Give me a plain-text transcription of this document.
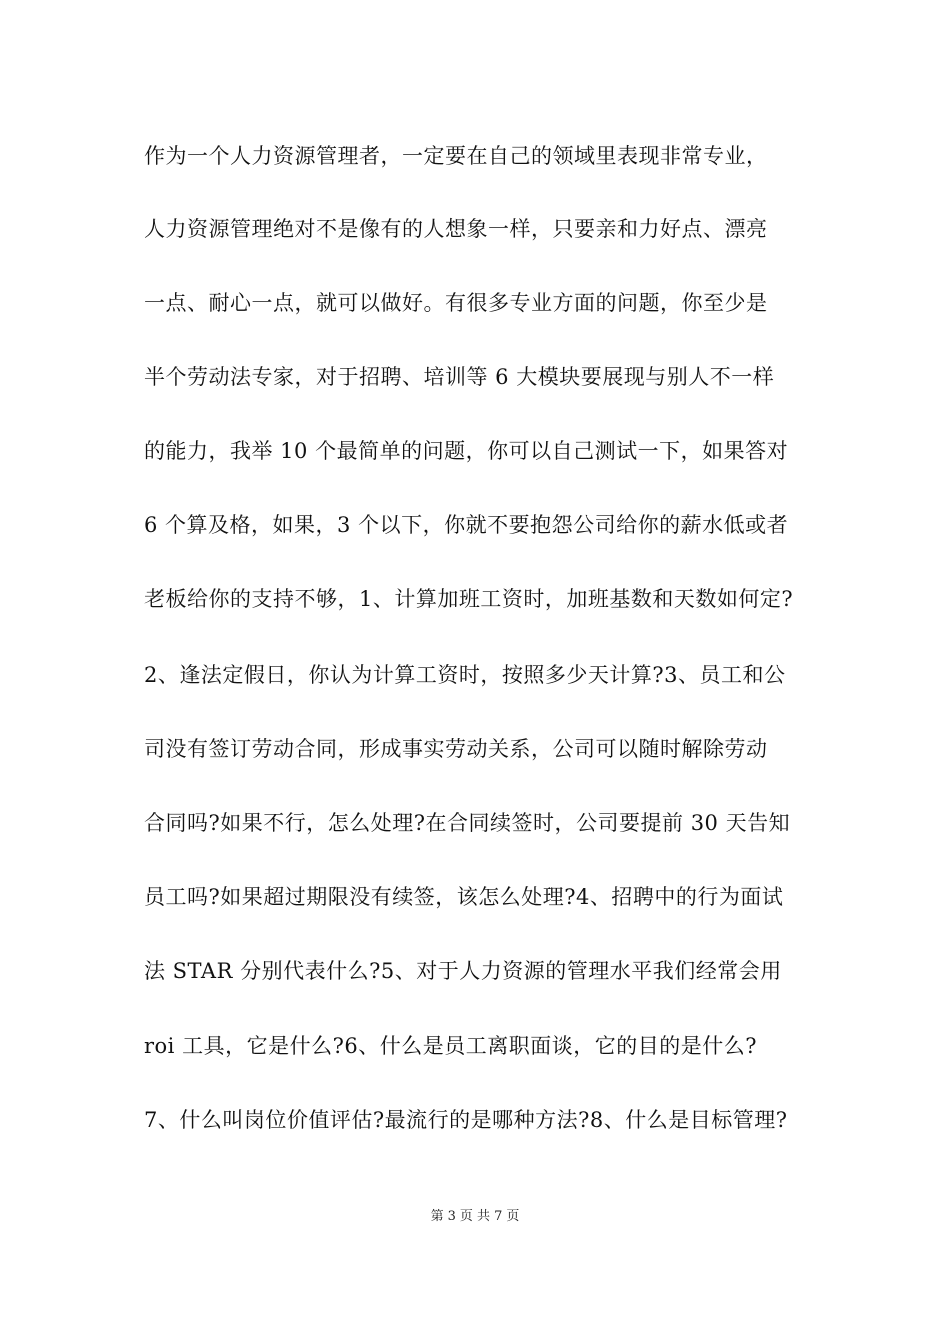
作为一个人力资源管理者，一定要在自己的领域里表现非常专业，
人力资源管理绝对不是像有的人想象一样，只要亲和力好点、漂亮
一点、耐心一点，就可以做好。有很多专业方面的问题，你至少是
半个劳动法专家，对于招聘、培训等 6 大模块要展现与别人不一样
的能力，我举 10 个最简单的问题，你可以自己测试一下，如果答对
6 个算及格，如果，3 个以下，你就不要抱怨公司给你的薪水低或者
老板给你的支持不够，1、计算加班工资时，加班基数和天数如何定?
2、逢法定假日，你认为计算工资时，按照多少天计算?3、员工和公
司没有签订劳动合同，形成事实劳动关系，公司可以随时解除劳动
合同吗?如果不行，怎么处理?在合同续签时，公司要提前 30 天告知
员工吗?如果超过期限没有续签，该怎么处理?4、招聘中的行为面试
法 STAR 分别代表什么?5、对于人力资源的管理水平我们经常会用
roi 工具，它是什么?6、什么是员工离职面谈，它的目的是什么?
7、什么叫岗位价值评估?最流行的是哪种方法?8、什么是目标管理?
第 3 页 共 7 页
